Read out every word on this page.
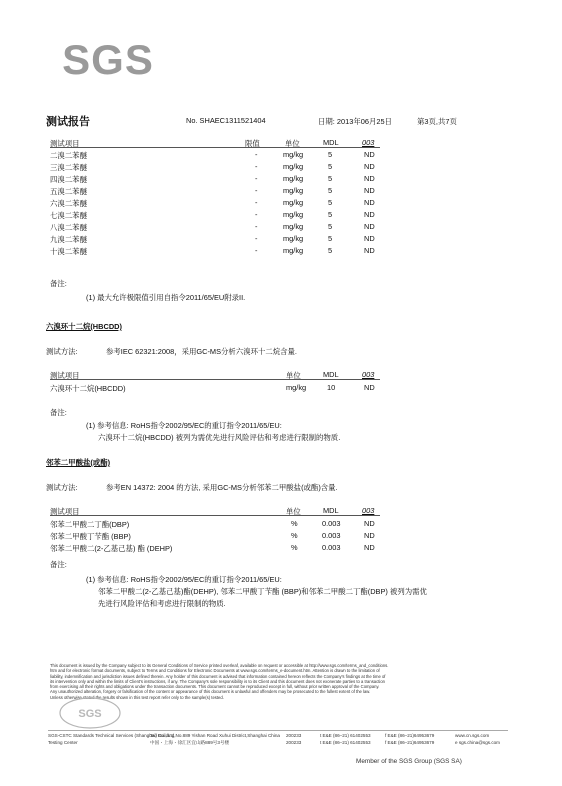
SGS
测试报告	No. SHAEC1311521404	日期: 2013年06月25日	第3页,共7页
测试项目	限值	单位	MDL	003
二溴二苯醚	-	mg/kg	5	ND
三溴二苯醚	-	mg/kg	5	ND
四溴二苯醚	-	mg/kg	5	ND
五溴二苯醚	-	mg/kg	5	ND
六溴二苯醚	-	mg/kg	5	ND
七溴二苯醚	-	mg/kg	5	ND
八溴二苯醚	-	mg/kg	5	ND
九溴二苯醚	-	mg/kg	5	ND
十溴二苯醚	-	mg/kg	5	ND
备注:
(1) 最大允许极限值引用自指令2011/65/EU附录II.
六溴环十二烷(HBCDD)
测试方法:	参考IEC 62321:2008，采用GC-MS分析六溴环十二烷含量.
测试项目	单位	MDL	003
六溴环十二烷(HBCDD)	mg/kg	10	ND
备注:
(1) 参考信息: RoHS指令2002/95/EC的重订指令2011/65/EU:
六溴环十二烷(HBCDD) 被列为需优先进行风险评估和考虑进行限制的物质.
邻苯二甲酸盐(或酯)
测试方法:	参考EN 14372: 2004 的方法, 采用GC-MS分析邻苯二甲酸盐(或酯)含量.
测试项目	单位	MDL	003
邻苯二甲酸二丁酯(DBP)	%	0.003	ND
邻苯二甲酸丁苄酯 (BBP)	%	0.003	ND
邻苯二甲酸二(2-乙基己基) 酯 (DEHP)	%	0.003	ND
备注:
(1) 参考信息: RoHS指令2002/95/EC的重订指令2011/65/EU:
邻苯二甲酸二(2-乙基己基)酯(DEHP), 邻苯二甲酸丁苄酯 (BBP)和邻苯二甲酸二丁酯(DBP) 被列为需优
先进行风险评估和考虑进行限制的物质.
This document is issued by the Company subject to its General Conditions of Service printed overleaf, available on request or accessible at http://www.sgs.com/terms_and_conditions.
htm and for electronic format documents, subject to Terms and Conditions for Electronic Documents at www.sgs.com/terms_e-document.htm. Attention is drawn to the limitation of
liability, indemnification and jurisdiction issues defined therein. Any holder of this document is advised that information contained hereon reflects the Company's findings at the time of
its intervention only and within the limits of Client's instructions, if any. The Company's sole responsibility is to its Client and this document does not exonerate parties to a transaction
from exercising all their rights and obligations under the transaction documents. This document cannot be reproduced except in full, without prior written approval of the Company.
Any unauthorized alteration, forgery or falsification of the content or appearance of this document is unlawful and offenders may be prosecuted to the fullest extent of the law.
Unless otherwise stated the results shown in this test report refer only to the sample(s) tested.
SGS
SGS-CSTC Standards Technical Services (Shanghai) Co., Ltd.
Testing Center
3rd Building,No.889 Yishan Road Xuhui District,Shanghai China
中国・上海・徐汇区宜山路889号3号楼
200233
200233
t E&E (86–21) 61402553
t E&E (86–21) 61402553
f E&E (86–21)64953679
f E&E (86–21)64953679
www.cn.sgs.com
e sgs.china@sgs.com
Member of the SGS Group (SGS SA)
